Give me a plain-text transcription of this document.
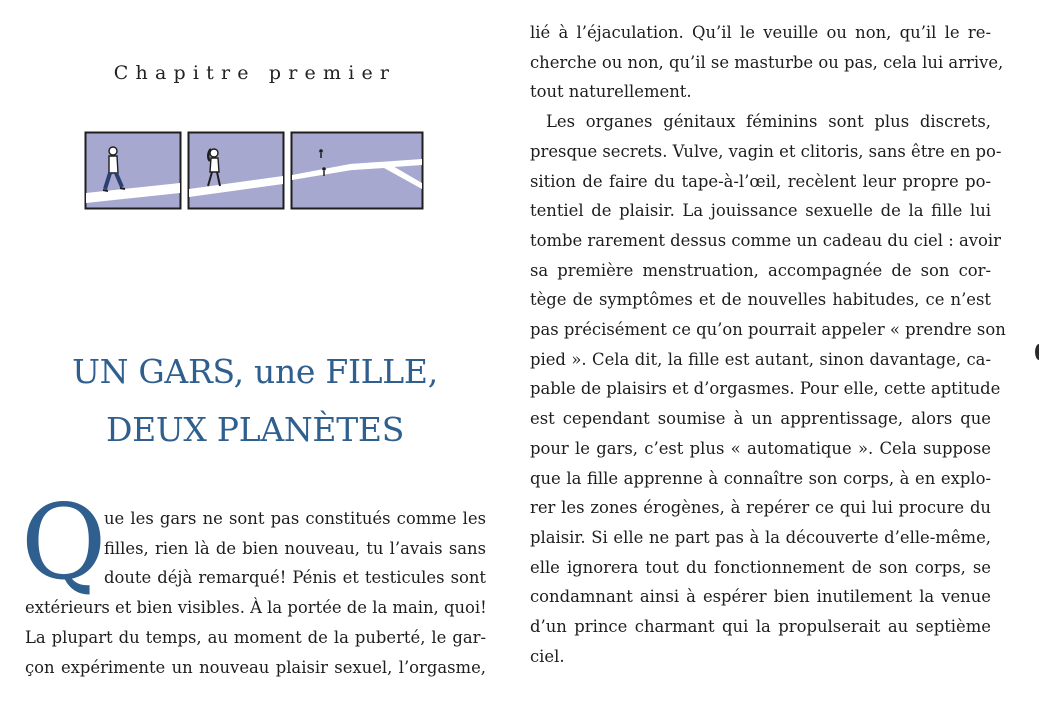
Chapitre premier
UN GARS, une FILLE,
DEUX PLANÈTES
Q
ue les gars ne sont pas constitués comme les
filles, rien là de bien nouveau, tu l’avais sans
doute déjà remarqué! Pénis et testicules sont
extérieurs et bien visibles. À la portée de la main, quoi!
La plupart du temps, au moment de la puberté, le gar-
çon expérimente un nouveau plaisir sexuel, l’orgasme,
lié à l’éjaculation. Qu’il le veuille ou non, qu’il le re-
cherche ou non, qu’il se masturbe ou pas, cela lui arrive,
tout naturellement.
Les organes génitaux féminins sont plus discrets,
presque secrets. Vulve, vagin et clitoris, sans être en po-
sition de faire du tape-à-l’œil, recèlent leur propre po-
tentiel de plaisir. La jouissance sexuelle de la fille lui
tombe rarement dessus comme un cadeau du ciel : avoir
sa première menstruation, accompagnée de son cor-
tège de symptômes et de nouvelles habitudes, ce n’est
pas précisément ce qu’on pourrait appeler « prendre son
pied ». Cela dit, la fille est autant, sinon davantage, ca-
pable de plaisirs et d’orgasmes. Pour elle, cette aptitude
est cependant soumise à un apprentissage, alors que
pour le gars, c’est plus « automatique ». Cela suppose
que la fille apprenne à connaître son corps, à en explo-
rer les zones érogènes, à repérer ce qui lui procure du
plaisir. Si elle ne part pas à la découverte d’elle-même,
elle ignorera tout du fonctionnement de son corps, se
condamnant ainsi à espérer bien inutilement la venue
d’un prince charmant qui la propulserait au septième
ciel.
